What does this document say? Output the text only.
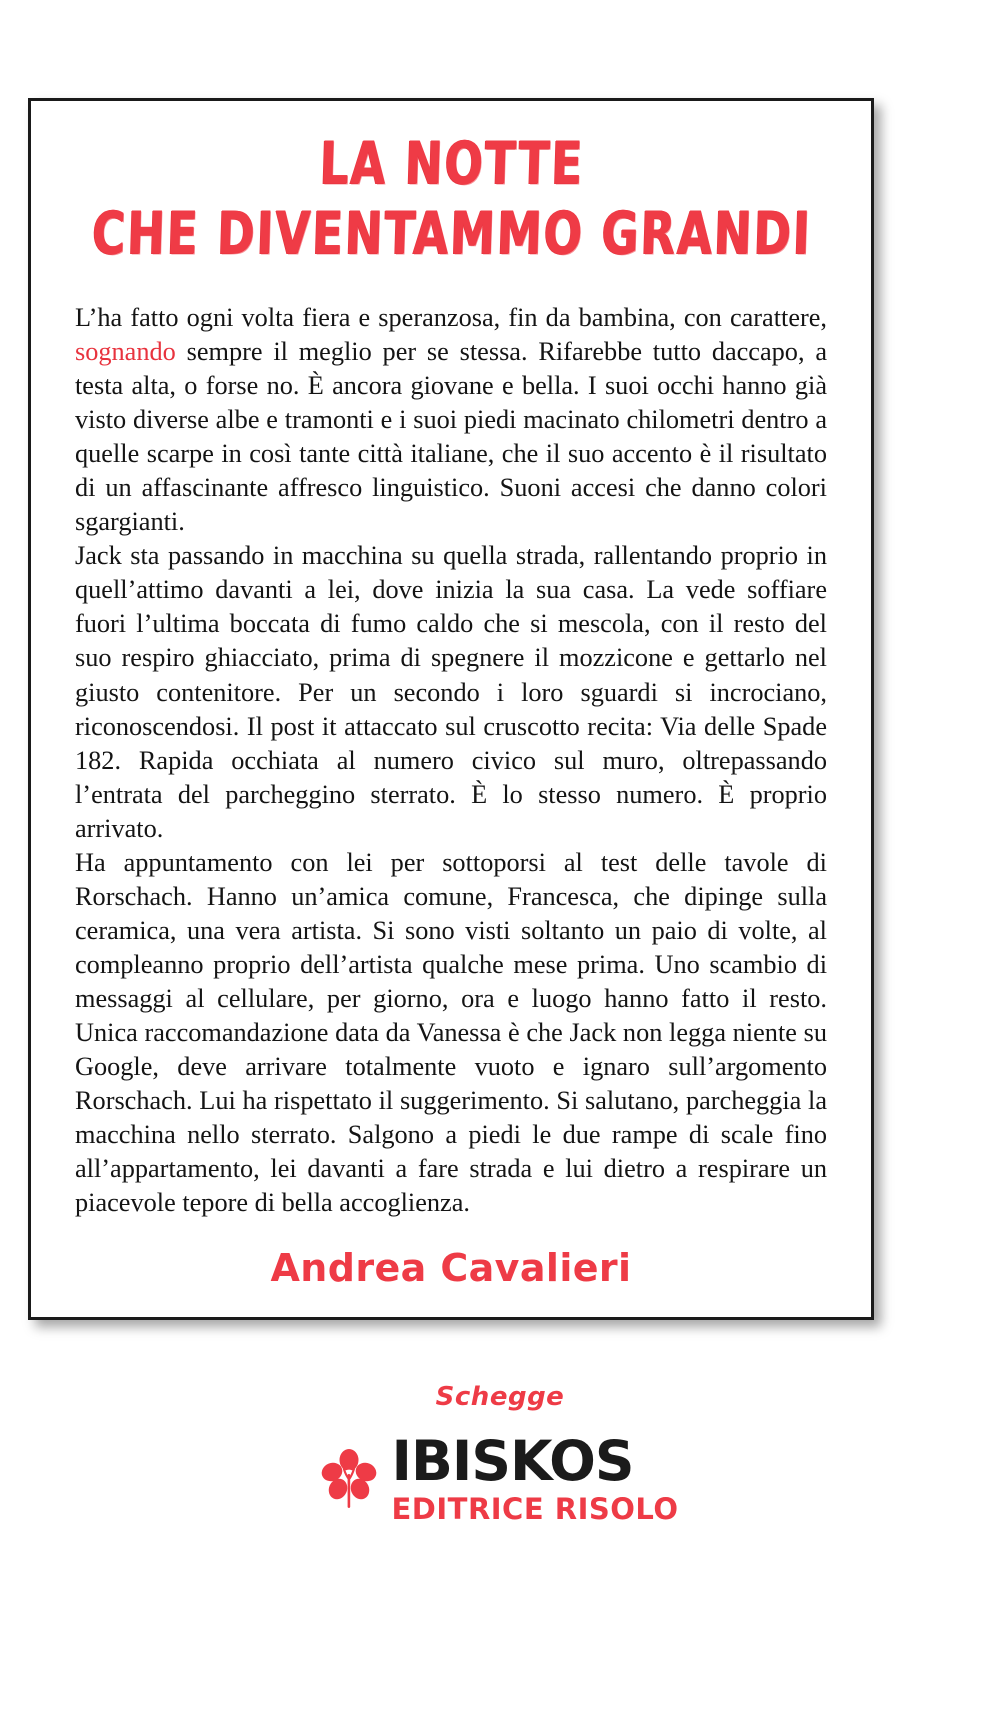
LA NOTTE
CHE DIVENTAMMO GRANDI

L’ha fatto ogni volta fiera e speranzosa, fin da bambina, con carattere, sognando sempre il meglio per se stessa. Rifarebbe tutto daccapo, a testa alta, o forse no. È ancora giovane e bella. I suoi occhi hanno già visto diverse albe e tramonti e i suoi piedi macinato chilometri dentro a quelle scarpe in così tante città italiane, che il suo accento è il risultato di un affascinante affresco linguistico. Suoni accesi che danno colori sgargianti.

Jack sta passando in macchina su quella strada, rallentando proprio in quell’attimo davanti a lei, dove inizia la sua casa. La vede soffiare fuori l’ultima boccata di fumo caldo che si mescola, con il resto del suo respiro ghiacciato, prima di spegnere il mozzicone e gettarlo nel giusto contenitore. Per un secondo i loro sguardi si incrociano, riconoscendosi. Il post it attaccato sul cruscotto recita: Via delle Spade 182. Rapida occhiata al numero civico sul muro, oltrepassando l’entrata del parcheggino sterrato. È lo stesso numero. È proprio arrivato.

Ha appuntamento con lei per sottoporsi al test delle tavole di Rorschach. Hanno un’amica comune, Francesca, che dipinge sulla ceramica, una vera artista. Si sono visti soltanto un paio di volte, al compleanno proprio dell’artista qualche mese prima. Uno scambio di messaggi al cellulare, per giorno, ora e luogo hanno fatto il resto. Unica raccomandazione data da Vanessa è che Jack non legga niente su Google, deve arrivare totalmente vuoto e ignaro sull’argomento Rorschach. Lui ha rispettato il suggerimento. Si salutano, parcheggia la macchina nello sterrato. Salgono a piedi le due rampe di scale fino all’appartamento, lei davanti a fare strada e lui dietro a respirare un piacevole tepore di bella accoglienza.

Andrea Cavalieri
Schegge
IBISKOS
EDITRICE RISOLO
